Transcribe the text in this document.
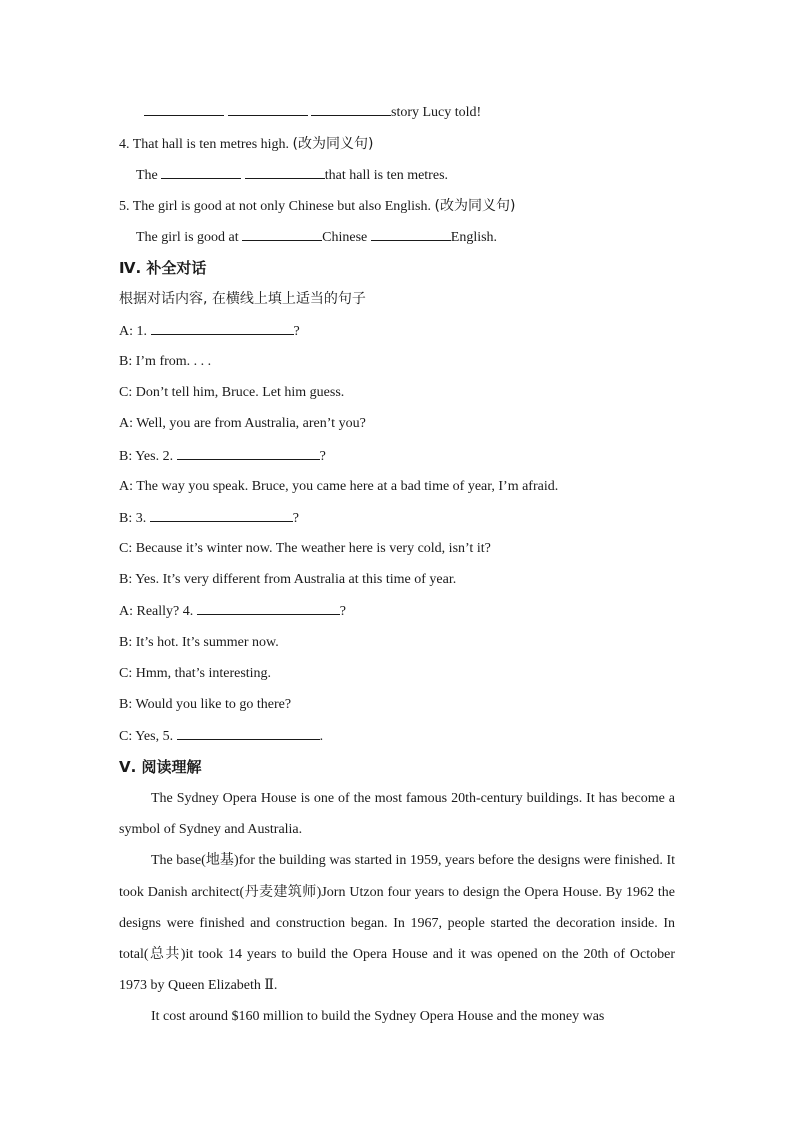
story Lucy told!
4. That hall is ten metres high. (改为同义句)
The	that hall is ten metres.
5. The girl is good at not only Chinese but also English. (改为同义句)
The girl is good at	Chinese	English.
Ⅳ. 补全对话
根据对话内容, 在横线上填上适当的句子
A: 1.	?
B: I’m from. . . .
C: Don’t tell him, Bruce. Let him guess.
A: Well, you are from Australia, aren’t you?
B: Yes. 2.	?
A: The way you speak. Bruce, you came here at a bad time of year, I’m afraid.
B: 3.	?
C: Because it’s winter now. The weather here is very cold, isn’t it?
B: Yes. It’s very different from Australia at this time of year.
A: Really? 4.	?
B: It’s hot. It’s summer now.
C: Hmm, that’s interesting.
B: Would you like to go there?
C: Yes, 5.	.
Ⅴ. 阅读理解

The Sydney Opera House is one of the most famous 20th-century buildings. It has become a symbol of Sydney and Australia.

The base(地基)for the building was started in 1959, years before the designs were finished. It took Danish architect(丹麦建筑师)Jorn Utzon four years to design the Opera House. By 1962 the designs were finished and construction began. In 1967, people started the decoration inside. In total(总共)it took 14 years to build the Opera House and it was opened on the 20th of October 1973 by Queen Elizabeth Ⅱ.

It cost around $160 million to build the Sydney Opera House and the money was
